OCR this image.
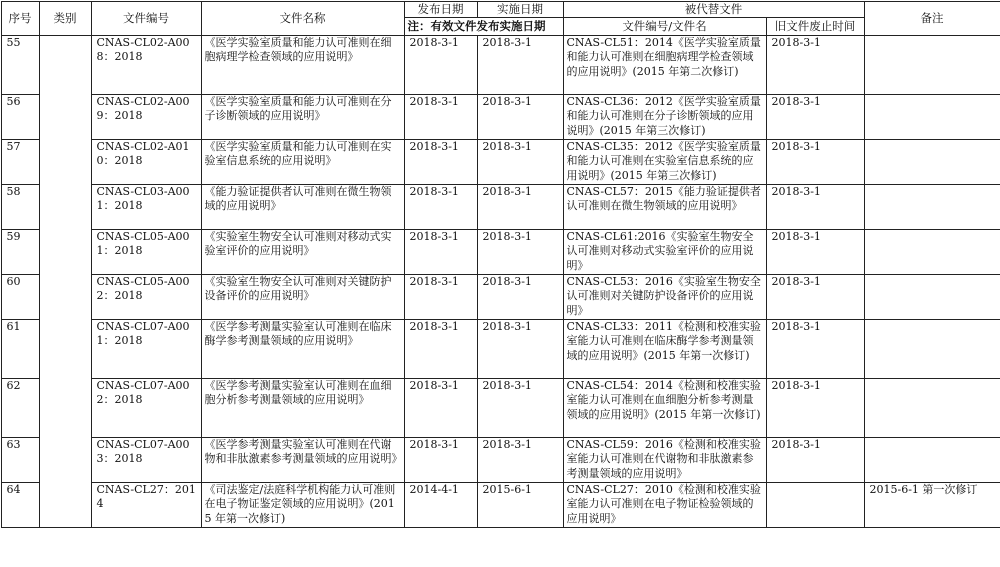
序号	类别	文件编号	文件名称	发布日期	实施日期	被代替文件		备注
				注：有效文件发布实施日期		文件编号/文件名	旧文件废止时间	
55		CNAS-CL02-A008：2018	《医学实验室质量和能力认可准则在细胞病理学检查领域的应用说明》	2018-3-1	2018-3-1	CNAS-CL51：2014《医学实验室质量和能力认可准则在细胞病理学检查领域的应用说明》(2015 年第二次修订)	2018-3-1	
56		CNAS-CL02-A009：2018	《医学实验室质量和能力认可准则在分子诊断领域的应用说明》	2018-3-1	2018-3-1	CNAS-CL36：2012《医学实验室质量和能力认可准则在分子诊断领域的应用说明》(2015 年第三次修订)	2018-3-1	
57		CNAS-CL02-A010：2018	《医学实验室质量和能力认可准则在实验室信息系统的应用说明》	2018-3-1	2018-3-1	CNAS-CL35：2012《医学实验室质量和能力认可准则在实验室信息系统的应用说明》(2015 年第三次修订)	2018-3-1	
58		CNAS-CL03-A001：2018	《能力验证提供者认可准则在微生物领域的应用说明》	2018-3-1	2018-3-1	CNAS-CL57：2015《能力验证提供者认可准则在微生物领域的应用说明》	2018-3-1	
59		CNAS-CL05-A001：2018	《实验室生物安全认可准则对移动式实验室评价的应用说明》	2018-3-1	2018-3-1	CNAS-CL61:2016《实验室生物安全认可准则对移动式实验室评价的应用说明》	2018-3-1	
60		CNAS-CL05-A002：2018	《实验室生物安全认可准则对关键防护设备评价的应用说明》	2018-3-1	2018-3-1	CNAS-CL53：2016《实验室生物安全认可准则对关键防护设备评价的应用说明》	2018-3-1	
61		CNAS-CL07-A001：2018	《医学参考测量实验室认可准则在临床酶学参考测量领域的应用说明》	2018-3-1	2018-3-1	CNAS-CL33：2011《检测和校准实验室能力认可准则在临床酶学参考测量领域的应用说明》(2015 年第一次修订)	2018-3-1	
62		CNAS-CL07-A002：2018	《医学参考测量实验室认可准则在血细胞分析参考测量领域的应用说明》	2018-3-1	2018-3-1	CNAS-CL54：2014《检测和校准实验室能力认可准则在血细胞分析参考测量领域的应用说明》(2015 年第一次修订)	2018-3-1	
63		CNAS-CL07-A003：2018	《医学参考测量实验室认可准则在代谢物和非肽激素参考测量领域的应用说明》	2018-3-1	2018-3-1	CNAS-CL59：2016《检测和校准实验室能力认可准则在代谢物和非肽激素参考测量领域的应用说明》	2018-3-1	
64		CNAS-CL27：2014	《司法鉴定/法庭科学机构能力认可准则在电子物证鉴定领域的应用说明》(2015 年第一次修订)	2014-4-1	2015-6-1	CNAS-CL27：2010《检测和校准实验室能力认可准则在电子物证检验领域的应用说明》		2015-6-1 第一次修订
